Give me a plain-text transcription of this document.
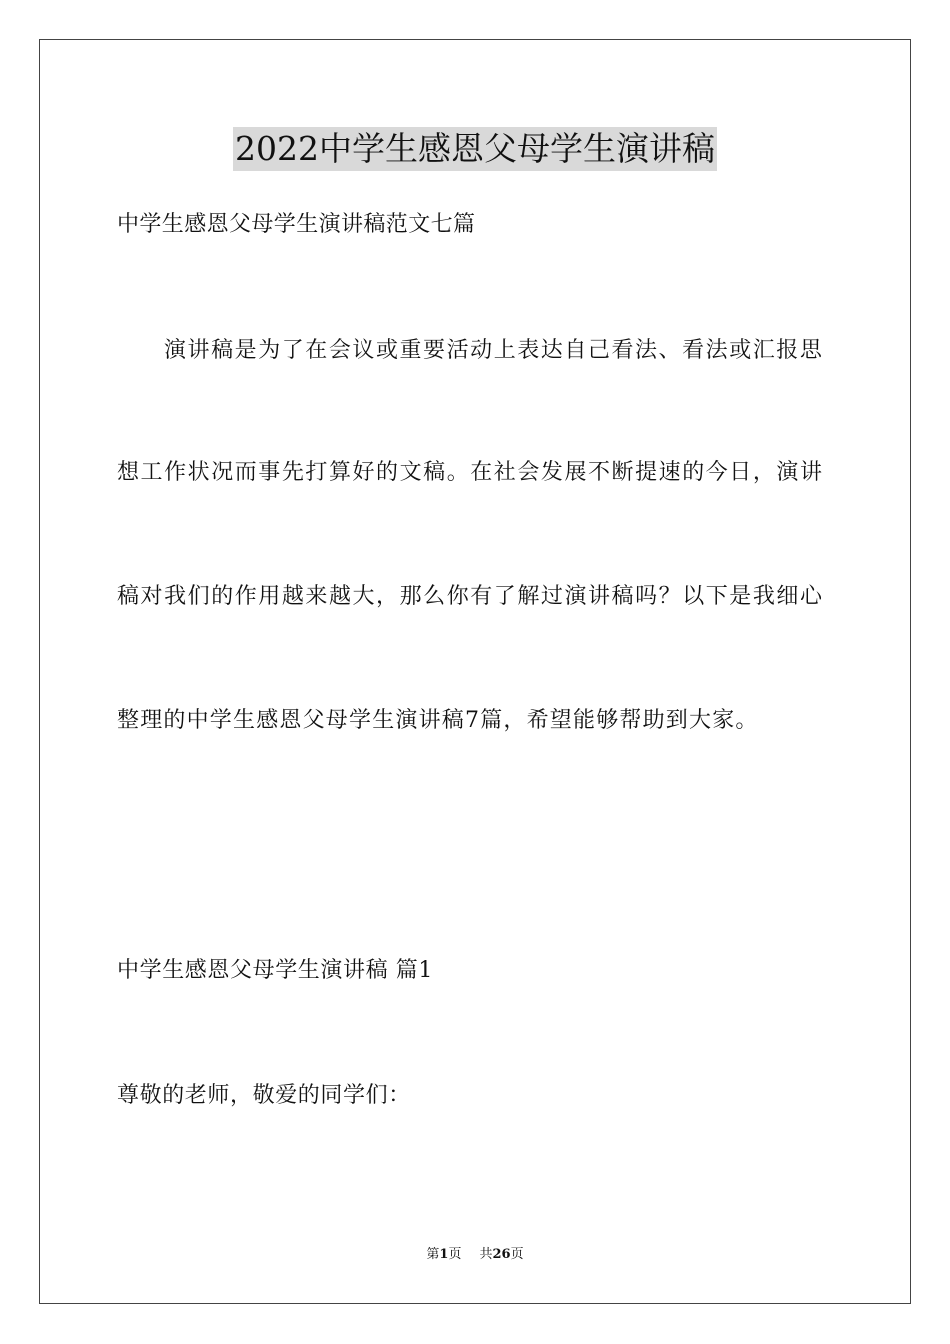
2022中学生感恩父母学生演讲稿
中学生感恩父母学生演讲稿范文七篇
演讲稿是为了在会议或重要活动上表达自己看法、看法或汇报思
想工作状况而事先打算好的文稿。在社会发展不断提速的今日，演讲
稿对我们的作用越来越大，那么你有了解过演讲稿吗？以下是我细心
整理的中学生感恩父母学生演讲稿7篇，希望能够帮助到大家。
中学生感恩父母学生演讲稿 篇1
尊敬的老师，敬爱的同学们：
第1页 共26页
